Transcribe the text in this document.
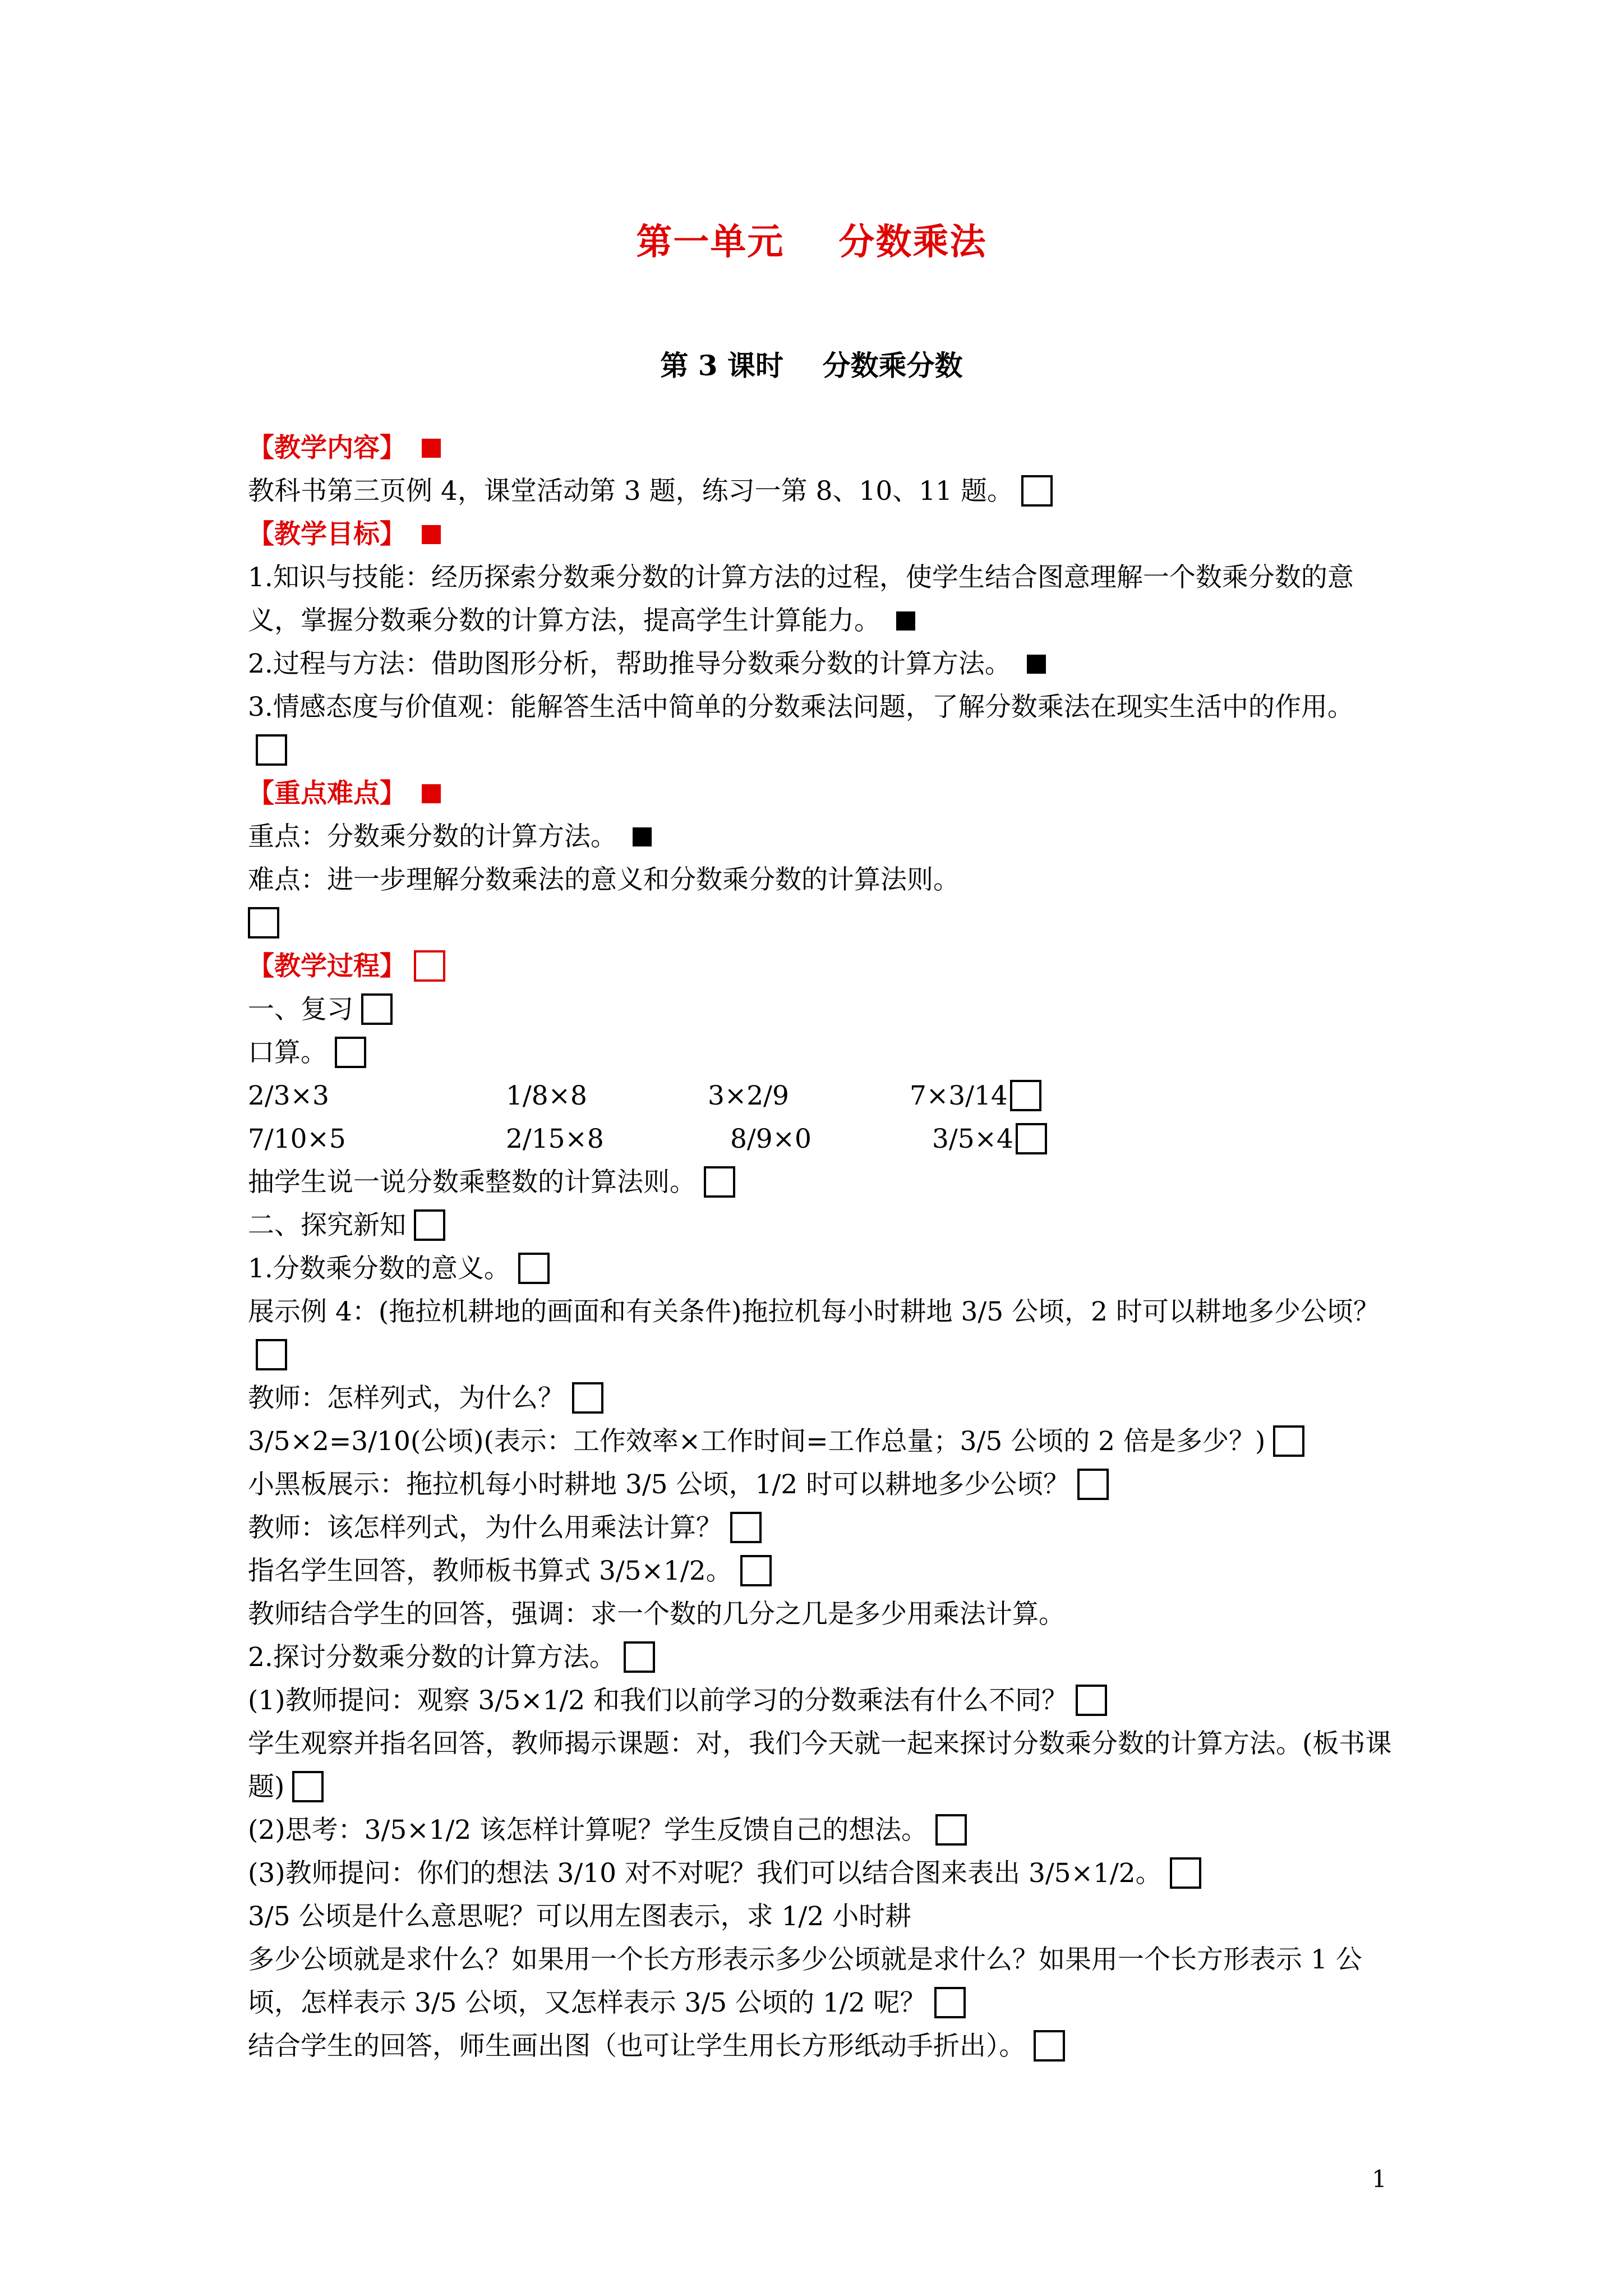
第一单元    分数乘法
第 3 课时    分数乘分数
【教学内容】
教科书第三页例 4，课堂活动第 3 题，练习一第 8、10、11 题。
【教学目标】
1.知识与技能：经历探索分数乘分数的计算方法的过程，使学生结合图意理解一个数乘分数的意义，掌握分数乘分数的计算方法，提高学生计算能力。
2.过程与方法：借助图形分析，帮助推导分数乘分数的计算方法。
3.情感态度与价值观：能解答生活中简单的分数乘法问题，了解分数乘法在现实生活中的作用。
【重点难点】
重点：分数乘分数的计算方法。
难点：进一步理解分数乘法的意义和分数乘分数的计算法则。
【教学过程】
一、复习
口算。
2/3×3	1/8×8	3×2/9	7×3/14
7/10×5	2/15×8	8/9×0	3/5×4
抽学生说一说分数乘整数的计算法则。
二、探究新知
1.分数乘分数的意义。
展示例 4：(拖拉机耕地的画面和有关条件)拖拉机每小时耕地 3/5 公顷，2 时可以耕地多少公顷？
教师：怎样列式，为什么？
3/5×2=3/10(公顷)(表示：工作效率×工作时间=工作总量；3/5 公顷的 2 倍是多少？)
小黑板展示：拖拉机每小时耕地 3/5 公顷，1/2 时可以耕地多少公顷？
教师：该怎样列式，为什么用乘法计算？
指名学生回答，教师板书算式 3/5×1/2。
教师结合学生的回答，强调：求一个数的几分之几是多少用乘法计算。
2.探讨分数乘分数的计算方法。
(1)教师提问：观察 3/5×1/2 和我们以前学习的分数乘法有什么不同？
学生观察并指名回答，教师揭示课题：对，我们今天就一起来探讨分数乘分数的计算方法。(板书课题)
(2)思考：3/5×1/2 该怎样计算呢？学生反馈自己的想法。
(3)教师提问：你们的想法 3/10 对不对呢？我们可以结合图来表出 3/5×1/2。
3/5 公顷是什么意思呢？可以用左图表示，求 1/2 小时耕
多少公顷就是求什么？如果用一个长方形表示多少公顷就是求什么？如果用一个长方形表示 1 公顷，怎样表示 3/5 公顷，又怎样表示 3/5 公顷的 1/2 呢？
结合学生的回答，师生画出图（也可让学生用长方形纸动手折出）。
1
